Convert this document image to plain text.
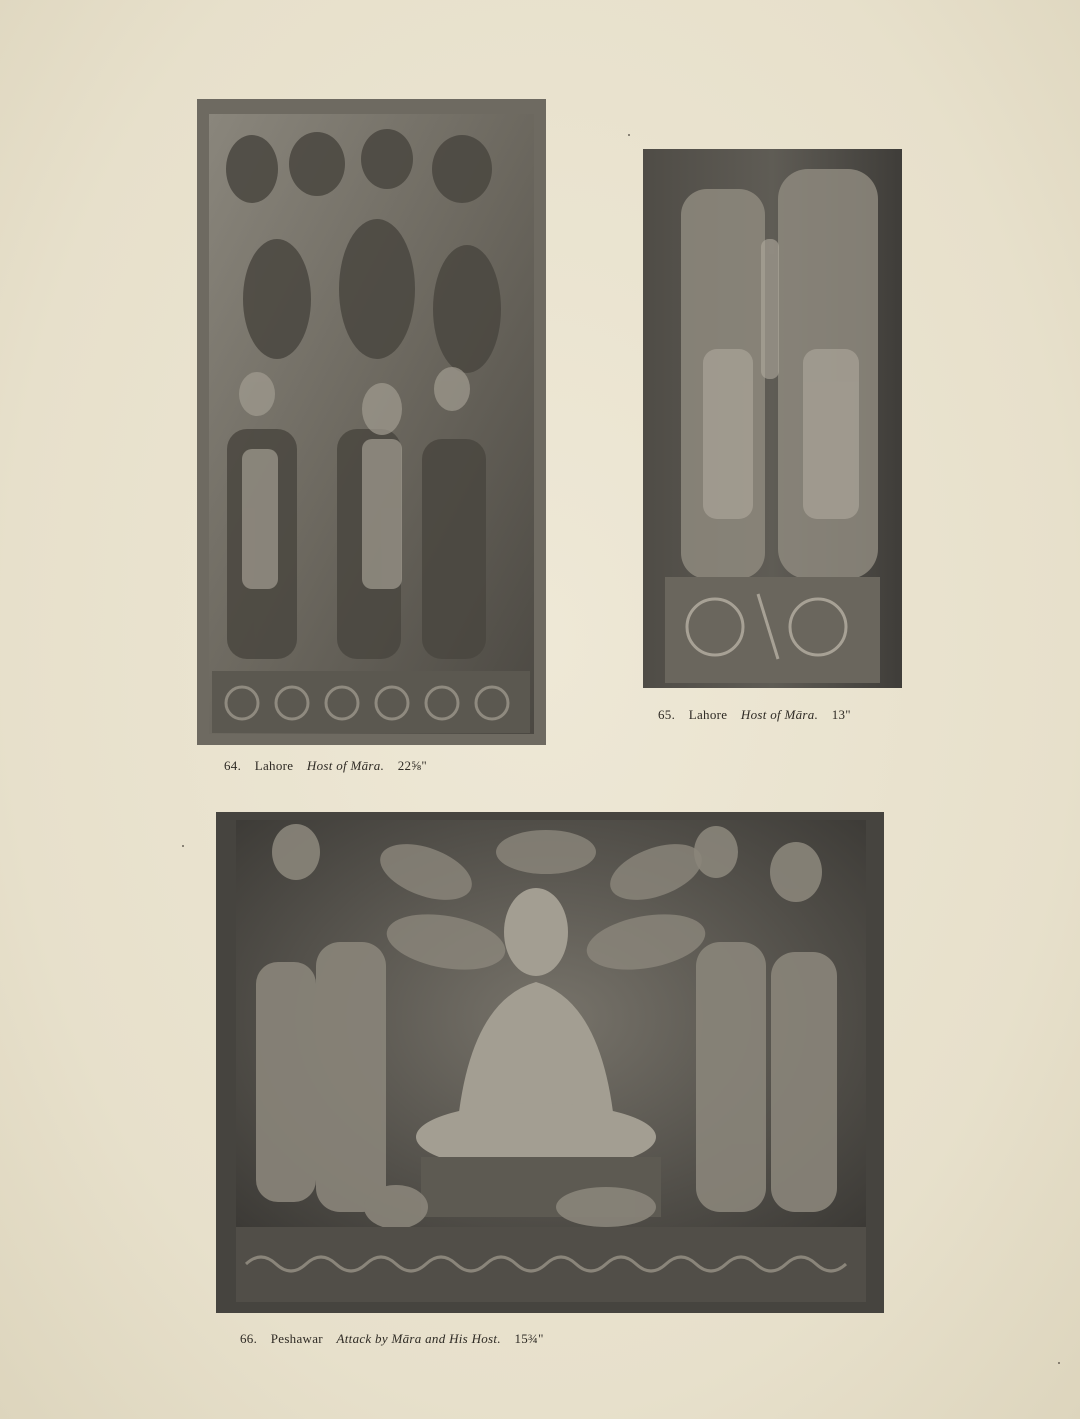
64. Lahore Host of Māra. 22⅝"
65. Lahore Host of Māra. 13"
66. Peshawar Attack by Māra and His Host. 15¾"
